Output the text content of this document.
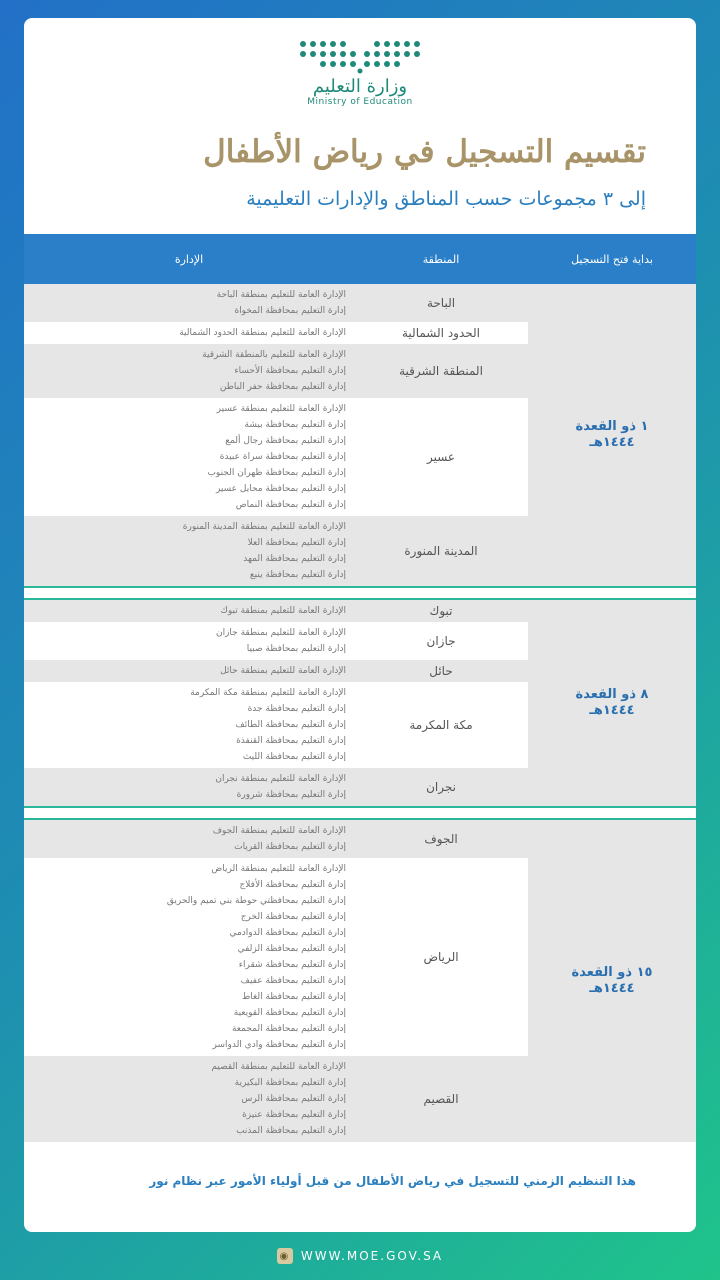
وزارة التعليم
Ministry of Education
تقسيم التسجيل في رياض الأطفال
إلى ٣ مجموعات حسب المناطق والإدارات التعليمية
بداية فتح التسجيل
المنطقة
الإدارة
١ ذو القعدة
١٤٤٤هـ
الباحة
الإدارة العامة للتعليم بمنطقة الباحة
إدارة التعليم بمحافظة المخواة
الحدود الشمالية
الإدارة العامة للتعليم بمنطقة الحدود الشمالية
المنطقة الشرقية
الإدارة العامة للتعليم بالمنطقة الشرقية
إدارة التعليم بمحافظة الأحساء
إدارة التعليم بمحافظة حفر الباطن
عسير
الإدارة العامة للتعليم بمنطقة عسير
إدارة التعليم بمحافظة بيشة
إدارة التعليم بمحافظة رجال ألمع
إدارة التعليم بمحافظة سراة عبيدة
إدارة التعليم بمحافظة ظهران الجنوب
إدارة التعليم بمحافظة محايل عسير
إدارة التعليم بمحافظة النماص
المدينة المنورة
الإدارة العامة للتعليم بمنطقة المدينة المنورة
إدارة التعليم بمحافظة العلا
إدارة التعليم بمحافظة المهد
إدارة التعليم بمحافظة ينبع
٨ ذو القعدة
١٤٤٤هـ
تبوك
الإدارة العامة للتعليم بمنطقة تبوك
جازان
الإدارة العامة للتعليم بمنطقة جازان
إدارة التعليم بمحافظة صبيا
حائل
الإدارة العامة للتعليم بمنطقة حائل
مكة المكرمة
الإدارة العامة للتعليم بمنطقة مكة المكرمة
إدارة التعليم بمحافظة جدة
إدارة التعليم بمحافظة الطائف
إدارة التعليم بمحافظة القنفذة
إدارة التعليم بمحافظة الليث
نجران
الإدارة العامة للتعليم بمنطقة نجران
إدارة التعليم بمحافظة شرورة
١٥ ذو القعدة
١٤٤٤هـ
الجوف
الإدارة العامة للتعليم بمنطقة الجوف
إدارة التعليم بمحافظة القريات
الرياض
الإدارة العامة للتعليم بمنطقة الرياض
إدارة التعليم بمحافظة الأفلاج
إدارة التعليم بمحافظتي حوطة بني تميم والحريق
إدارة التعليم بمحافظة الخرج
إدارة التعليم بمحافظة الدوادمي
إدارة التعليم بمحافظة الزلفي
إدارة التعليم بمحافظة شقراء
إدارة التعليم بمحافظة عفيف
إدارة التعليم بمحافظة الغاط
إدارة التعليم بمحافظة القويعية
إدارة التعليم بمحافظة المجمعة
إدارة التعليم بمحافظة وادي الدواسر
القصيم
الإدارة العامة للتعليم بمنطقة القصيم
إدارة التعليم بمحافظة البكيرية
إدارة التعليم بمحافظة الرس
إدارة التعليم بمحافظة عنيزة
إدارة التعليم بمحافظة المذنب
هذا التنظيم الزمني للتسجيل في رياض الأطفال من قبل أولياء الأمور عبر نظام نور
◉ WWW.MOE.GOV.SA
